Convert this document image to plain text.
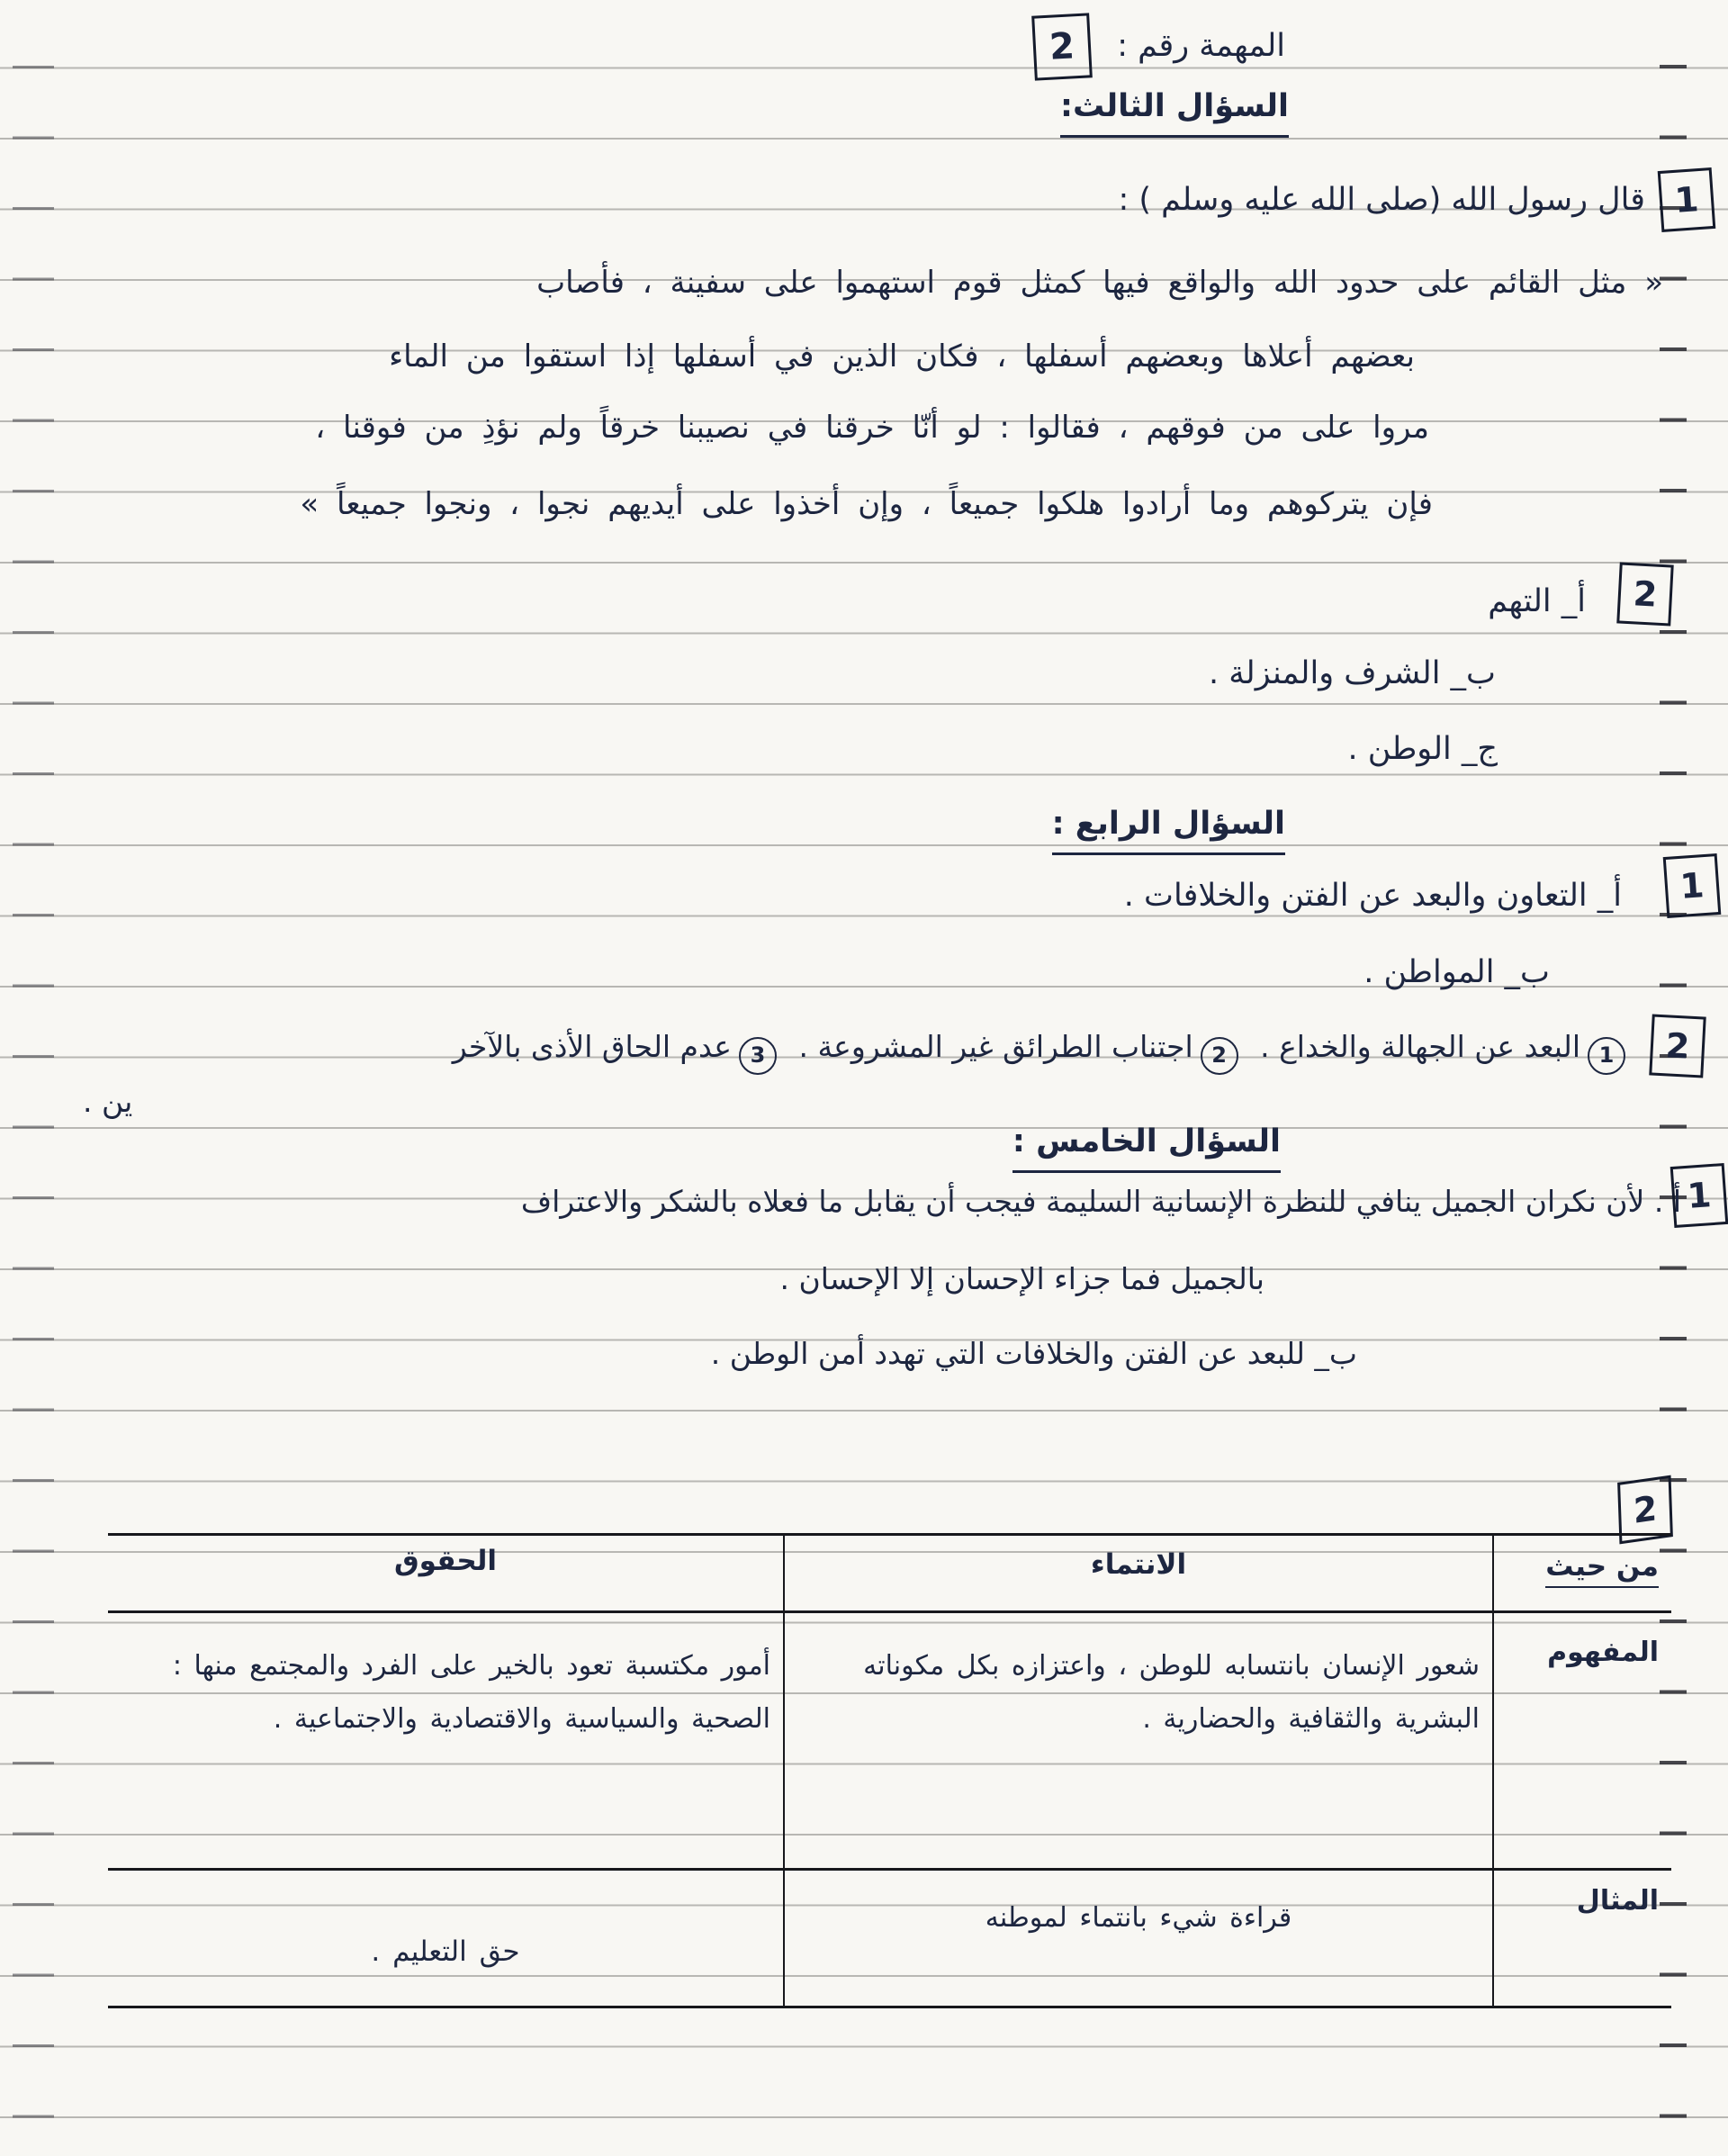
المهمة رقم : 2
السؤال الثالث:
1
قال رسول الله (صلى الله عليه وسلم ) :
« مثل القائم على حدود الله والواقع فيها كمثل قوم استهموا على سفينة ، فأصاب
بعضهم أعلاها وبعضهم أسفلها ، فكان الذين في أسفلها إذا استقوا من الماء
مروا على من فوقهم ، فقالوا : لو أنّا خرقنا في نصيبنا خرقاً ولم نؤذِ من فوقنا ،
فإن يتركوهم وما أرادوا هلكوا جميعاً ، وإن أخذوا على أيديهم نجوا ، ونجوا جميعاً »
2
أ_ التهم
ب_ الشرف والمنزلة .
ج_ الوطن .
السؤال الرابع :
1
أ_ التعاون والبعد عن الفتن والخلافات .
ب_ المواطن .
2
1البعد عن الجهالة والخداع . 2اجتناب الطرائق غير المشروعة . 3عدم الحاق الأذى بالآخر
ين .
السؤال الخامس :
1
أ . لأن نكران الجميل ينافي للنظرة الإنسانية السليمة فيجب أن يقابل ما فعلاه بالشكر والاعتراف
بالجميل فما جزاء الإحسان إلا الإحسان .
ب_ للبعد عن الفتن والخلافات التي تهدد أمن الوطن .
2
من حيث
الانتماء
الحقوق
المفهوم
شعور الإنسان بانتسابه للوطن ، واعتزازه بكل مكوناته البشرية والثقافية والحضارية .
أمور مكتسبة تعود بالخير على الفرد والمجتمع منها : الصحية والسياسية والاقتصادية والاجتماعية .
المثال
قراءة شيء بانتماء لموطنه
حق التعليم .
